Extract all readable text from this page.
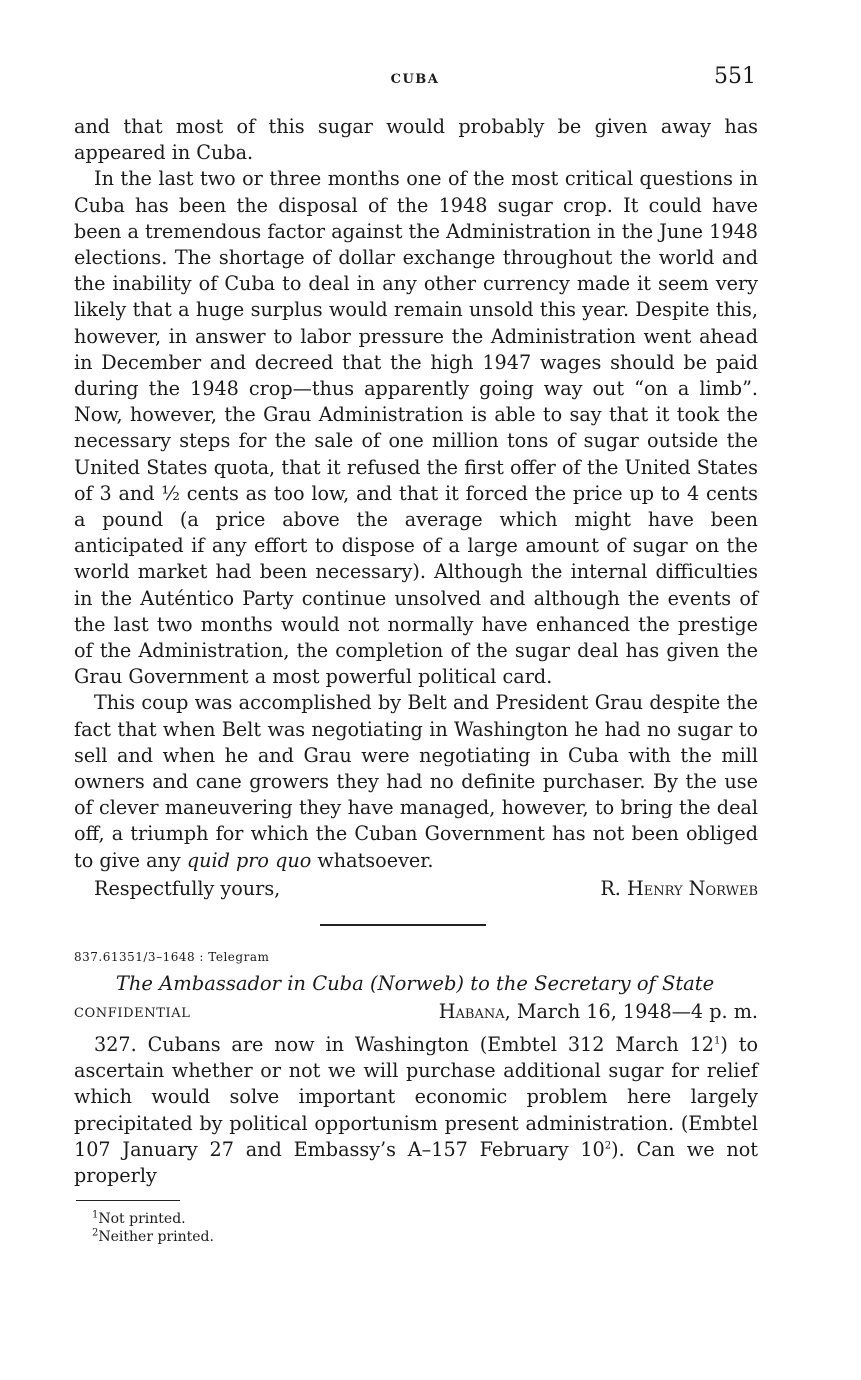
CUBA	551

and that most of this sugar would probably be given away has appeared in Cuba.

In the last two or three months one of the most critical questions in Cuba has been the disposal of the 1948 sugar crop. It could have been a tremendous factor against the Administration in the June 1948 elections. The shortage of dollar exchange throughout the world and the inability of Cuba to deal in any other currency made it seem very likely that a huge surplus would remain unsold this year. Despite this, however, in answer to labor pressure the Administration went ahead in December and decreed that the high 1947 wages should be paid during the 1948 crop—thus apparently going way out “on a limb”. Now, however, the Grau Administration is able to say that it took the necessary steps for the sale of one million tons of sugar outside the United States quota, that it refused the first offer of the United States of 3 and ½ cents as too low, and that it forced the price up to 4 cents a pound (a price above the average which might have been anticipated if any effort to dispose of a large amount of sugar on the world market had been necessary). Although the internal difficulties in the Auténtico Party continue unsolved and although the events of the last two months would not normally have enhanced the prestige of the Administration, the completion of the sugar deal has given the Grau Government a most powerful political card.

This coup was accomplished by Belt and President Grau despite the fact that when Belt was negotiating in Washington he had no sugar to sell and when he and Grau were negotiating in Cuba with the mill owners and cane growers they had no definite purchaser. By the use of clever maneuvering they have managed, however, to bring the deal off, a triumph for which the Cuban Government has not been obliged to give any quid pro quo whatsoever.

Respectfully yours,	R. Henry Norweb
837.61351/3–1648 : Telegram
The Ambassador in Cuba (Norweb) to the Secretary of State
CONFIDENTIAL	Habana, March 16, 1948—4 p. m.

327. Cubans are now in Washington (Embtel 312 March $12^1$) to ascertain whether or not we will purchase additional sugar for relief which would solve important economic problem here largely precipitated by political opportunism present administration. (Embtel 107 January 27 and Embassy’s A–157 February $10^2$). Can we not properly

$^1$Not printed.
$^2$Neither printed.
